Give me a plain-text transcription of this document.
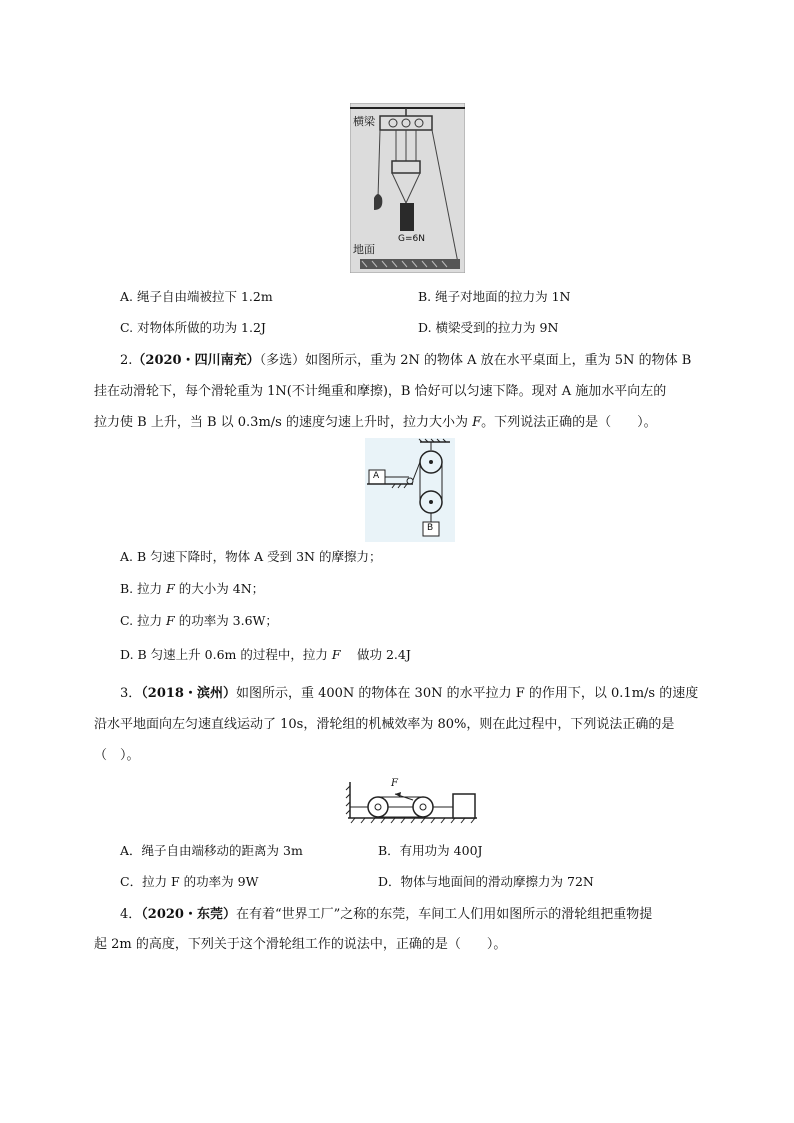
横梁
地面
G=6N
A. 绳子自由端被拉下 1.2m	B. 绳子对地面的拉力为 1N
C. 对物体所做的功为 1.2J	D. 横梁受到的拉力为 9N
2.（2020・四川南充）（多选）如图所示，重为 2N 的物体 A 放在水平桌面上，重为 5N 的物体 B
挂在动滑轮下，每个滑轮重为 1N(不计绳重和摩擦)，B 恰好可以匀速下降。现对 A 施加水平向左的
拉力使 B 上升，当 B 以 0.3m/s 的速度匀速上升时，拉力大小为 F。下列说法正确的是（　　）。
A
B
A. B 匀速下降时，物体 A 受到 3N 的摩擦力；
B. 拉力 F 的大小为 4N；
C. 拉力 F 的功率为 3.6W；
D. B 匀速上升 0.6m 的过程中，拉力 F　 做功 2.4J
3．（2018・滨州）如图所示，重 400N 的物体在 30N 的水平拉力 F 的作用下，以 0.1m/s 的速度
沿水平地面向左匀速直线运动了 10s，滑轮组的机械效率为 80%，则在此过程中，下列说法正确的是
（　）。
F
A．绳子自由端移动的距离为 3m	B．有用功为 400J
C．拉力 F 的功率为 9W	D．物体与地面间的滑动摩擦力为 72N
4．（2020・东莞）在有着“世界工厂”之称的东莞，车间工人们用如图所示的滑轮组把重物提
起 2m 的高度，下列关于这个滑轮组工作的说法中，正确的是（　　）。
